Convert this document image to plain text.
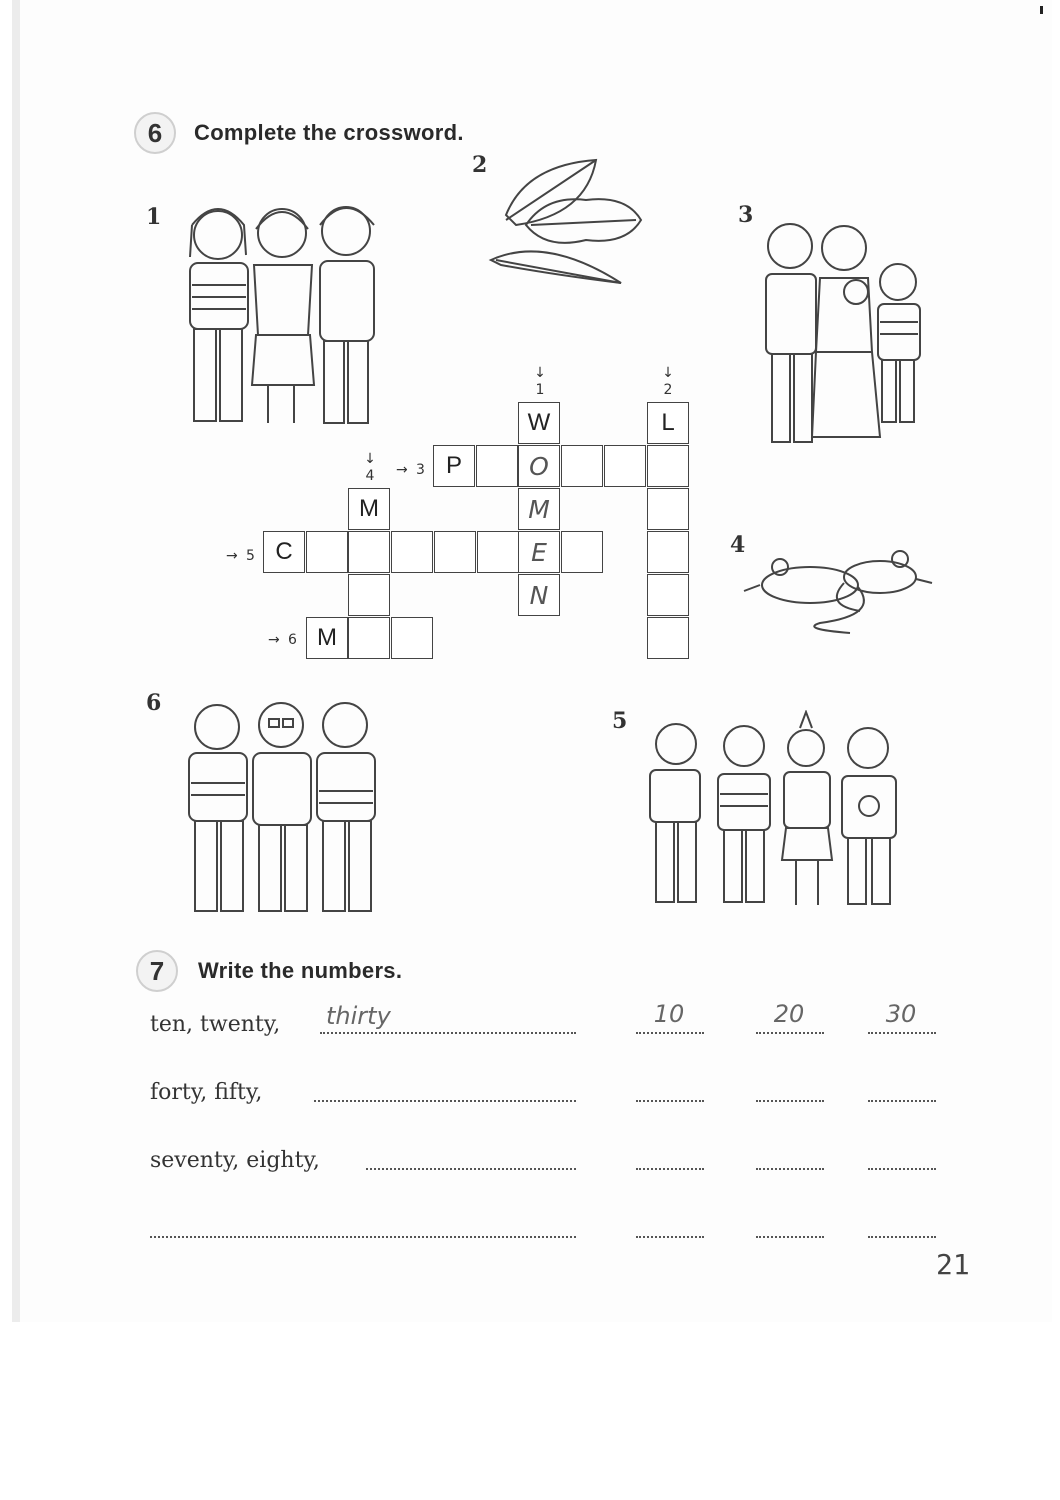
6	Complete the crossword.
1
2
3
4
5
6
↓
1
↓
2
↓
4	→ 3
→ 5
→ 6
W
O
M
E
N
L
P
M
C
M
7	Write the numbers.
ten, twenty, thirty	10	20	30
forty, fifty,
seventy, eighty,
21
